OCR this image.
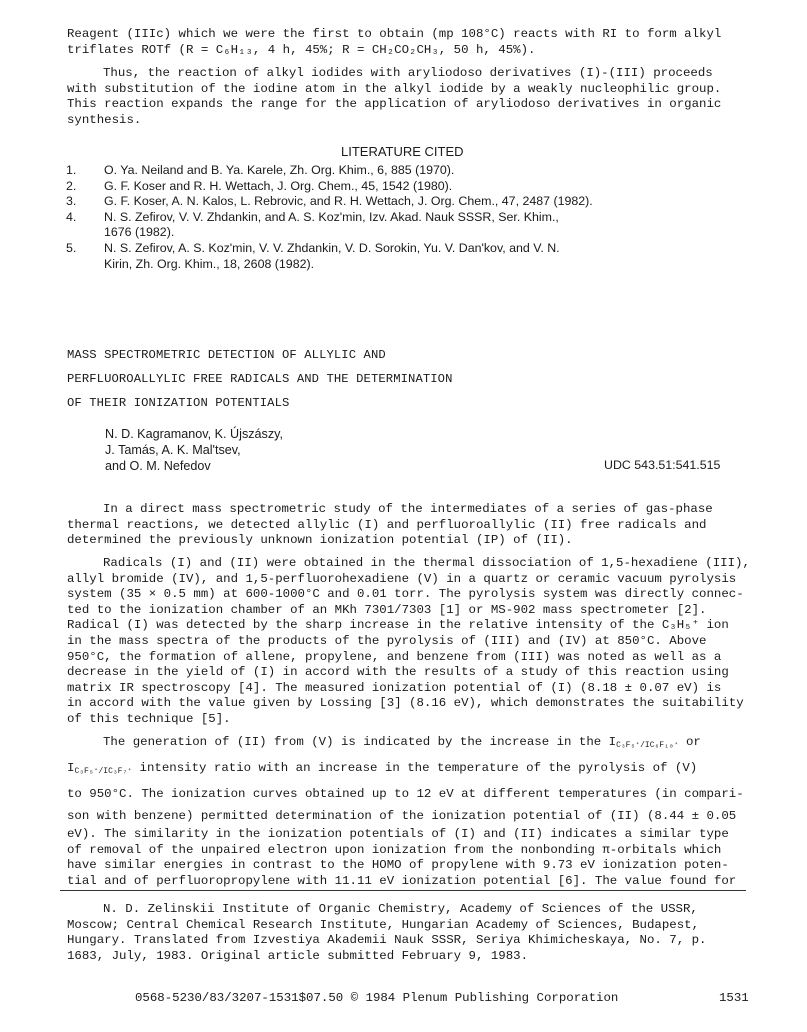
Reagent (IIIc) which we were the first to obtain (mp 108°C) reacts with RI to form alkyl

triflates ROTf (R = C₆H₁₃, 4 h, 45%; R = CH₂CO₂CH₃, 50 h, 45%).

Thus, the reaction of alkyl iodides with aryliodoso derivatives (I)-(III) proceeds

with substitution of the iodine atom in the alkyl iodide by a weakly nucleophilic group.

This reaction expands the range for the application of aryliodoso derivatives in organic

synthesis.

LITERATURE CITED
1.	O. Ya. Neiland and B. Ya. Karele, Zh. Org. Khim., 6, 885 (1970).
2.	G. F. Koser and R. H. Wettach, J. Org. Chem., 45, 1542 (1980).
3.	G. F. Koser, A. N. Kalos, L. Rebrovic, and R. H. Wettach, J. Org. Chem., 47, 2487 (1982).
4.	N. S. Zefirov, V. V. Zhdankin, and A. S. Koz'min, Izv. Akad. Nauk SSSR, Ser. Khim.,
1676 (1982).
5.	N. S. Zefirov, A. S. Koz'min, V. V. Zhdankin, V. D. Sorokin, Yu. V. Dan'kov, and V. N.
Kirin, Zh. Org. Khim., 18, 2608 (1982).
MASS SPECTROMETRIC DETECTION OF ALLYLIC AND
PERFLUOROALLYLIC FREE RADICALS AND THE DETERMINATION
OF THEIR IONIZATION POTENTIALS

N. D. Kagramanov, K. Újszászy,

J. Tamás, A. K. Mal'tsev,

and O. M. Nefedov	UDC 543.51:541.515

In a direct mass spectrometric study of the intermediates of a series of gas-phase

thermal reactions, we detected allylic (I) and perfluoroallylic (II) free radicals and

determined the previously unknown ionization potential (IP) of (II).

Radicals (I) and (II) were obtained in the thermal dissociation of 1,5-hexadiene (III),

allyl bromide (IV), and 1,5-perfluorohexadiene (V) in a quartz or ceramic vacuum pyrolysis

system (35 × 0.5 mm) at 600-1000°C and 0.01 torr. The pyrolysis system was directly connec-

ted to the ionization chamber of an MKh 7301/7303 [1] or MS-902 mass spectrometer [2].

Radical (I) was detected by the sharp increase in the relative intensity of the C₃H₅⁺ ion

in the mass spectra of the products of the pyrolysis of (III) and (IV) at 850°C. Above

950°C, the formation of allene, propylene, and benzene from (III) was noted as well as a

decrease in the yield of (I) in accord with the results of a study of this reaction using

matrix IR spectroscopy [4]. The measured ionization potential of (I) (8.18 ± 0.07 eV) is

in accord with the value given by Lossing [3] (8.16 eV), which demonstrates the suitability

of this technique [5].

The generation of (II) from (V) is indicated by the increase in the $I_{C_3F_5^+/IC_6F_{10}^+}$ or

$I_{C_3F_5^+/IC_3F_7^+}$ intensity ratio with an increase in the temperature of the pyrolysis of (V)

to 950°C. The ionization curves obtained up to 12 eV at different temperatures (in compari-

son with benzene) permitted determination of the ionization potential of (II) (8.44 ± 0.05

eV). The similarity in the ionization potentials of (I) and (II) indicates a similar type

of removal of the unpaired electron upon ionization from the nonbonding π-orbitals which

have similar energies in contrast to the HOMO of propylene with 9.73 eV ionization poten-

tial and of perfluoropropylene with 11.11 eV ionization potential [6]. The value found for

N. D. Zelinskii Institute of Organic Chemistry, Academy of Sciences of the USSR,

Moscow; Central Chemical Research Institute, Hungarian Academy of Sciences, Budapest,

Hungary. Translated from Izvestiya Akademii Nauk SSSR, Seriya Khimicheskaya, No. 7, p.

1683, July, 1983. Original article submitted February 9, 1983.

0568-5230/83/3207-1531$07.50 © 1984 Plenum Publishing Corporation	1531
